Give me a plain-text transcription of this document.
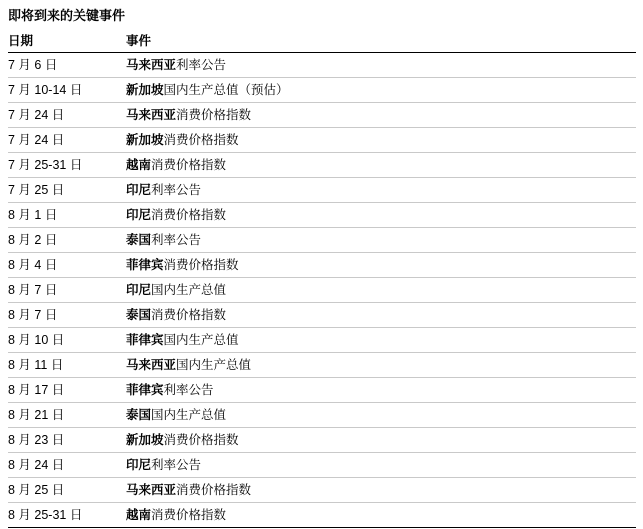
即将到来的关键事件
日期	事件
7 月 6 日	马来西亚利率公告
7 月 10-14 日	新加坡国内生产总值（预估）
7 月 24 日	马来西亚消费价格指数
7 月 24 日	新加坡消费价格指数
7 月 25-31 日	越南消费价格指数
7 月 25 日	印尼利率公告
8 月 1 日	印尼消费价格指数
8 月 2 日	泰国利率公告
8 月 4 日	菲律宾消费价格指数
8 月 7 日	印尼国内生产总值
8 月 7 日	泰国消费价格指数
8 月 10 日	菲律宾国内生产总值
8 月 11 日	马来西亚国内生产总值
8 月 17 日	菲律宾利率公告
8 月 21 日	泰国国内生产总值
8 月 23 日	新加坡消费价格指数
8 月 24 日	印尼利率公告
8 月 25 日	马来西亚消费价格指数
8 月 25-31 日	越南消费价格指数
